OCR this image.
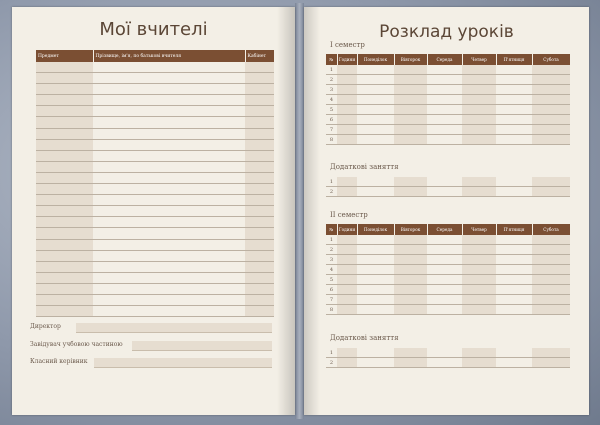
Мої вчителі
Предмет	Прізвище, ім'я, по батькові вчителя	Кабінет

Директор
Завідувач учбовою частиною
Класний керівник
Розклад уроків
I семестр
№	Години	Понеділок	Вівторок	Середа	Четвер	П'ятниця	Субота
1							
2							
3							
4							
5							
6							
7							
8							
Додаткові заняття
1							
2							
II семестр
№	Години	Понеділок	Вівторок	Середа	Четвер	П'ятниця	Субота
1							
2							
3							
4							
5							
6							
7							
8							
Додаткові заняття
1							
2							
